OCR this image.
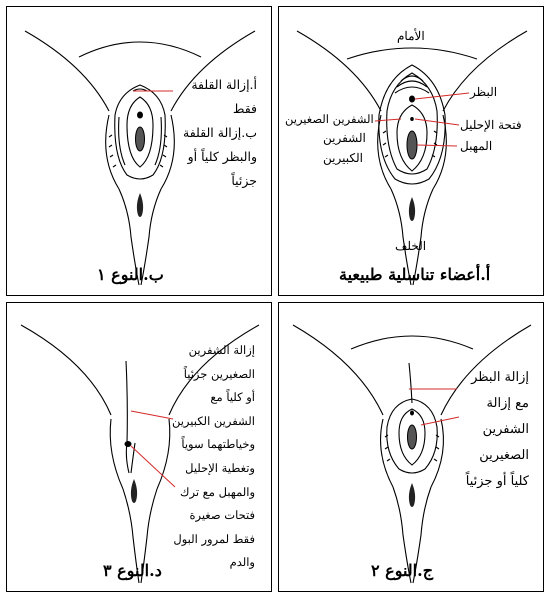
أ.إزالة القلفة
فقط
ب.إزالة القلفة
والبظر كلياً أو
جزئياً
ب.النوع ١
الأمام
البظر
الشفرين الصغيرين	فتحة الإحليل
الشفرين
المهبل
الكبيرين
الخلف
أ.أعضاء تناسلية طبيعية
إزالة الشفرين
الصغيرين جزئياً
أو كلياً مع
الشفرين الكبيرين
وخياطتهما سوياً
وتغطية الإحليل
والمهبل مع ترك
فتحات صغيرة
فقط لمرور البول
والدم
د.النوع ٣
إزالة البظر
مع إزالة
الشفرين
الصغيرين
كلياً أو جزئياً
ج.النوع ٢
